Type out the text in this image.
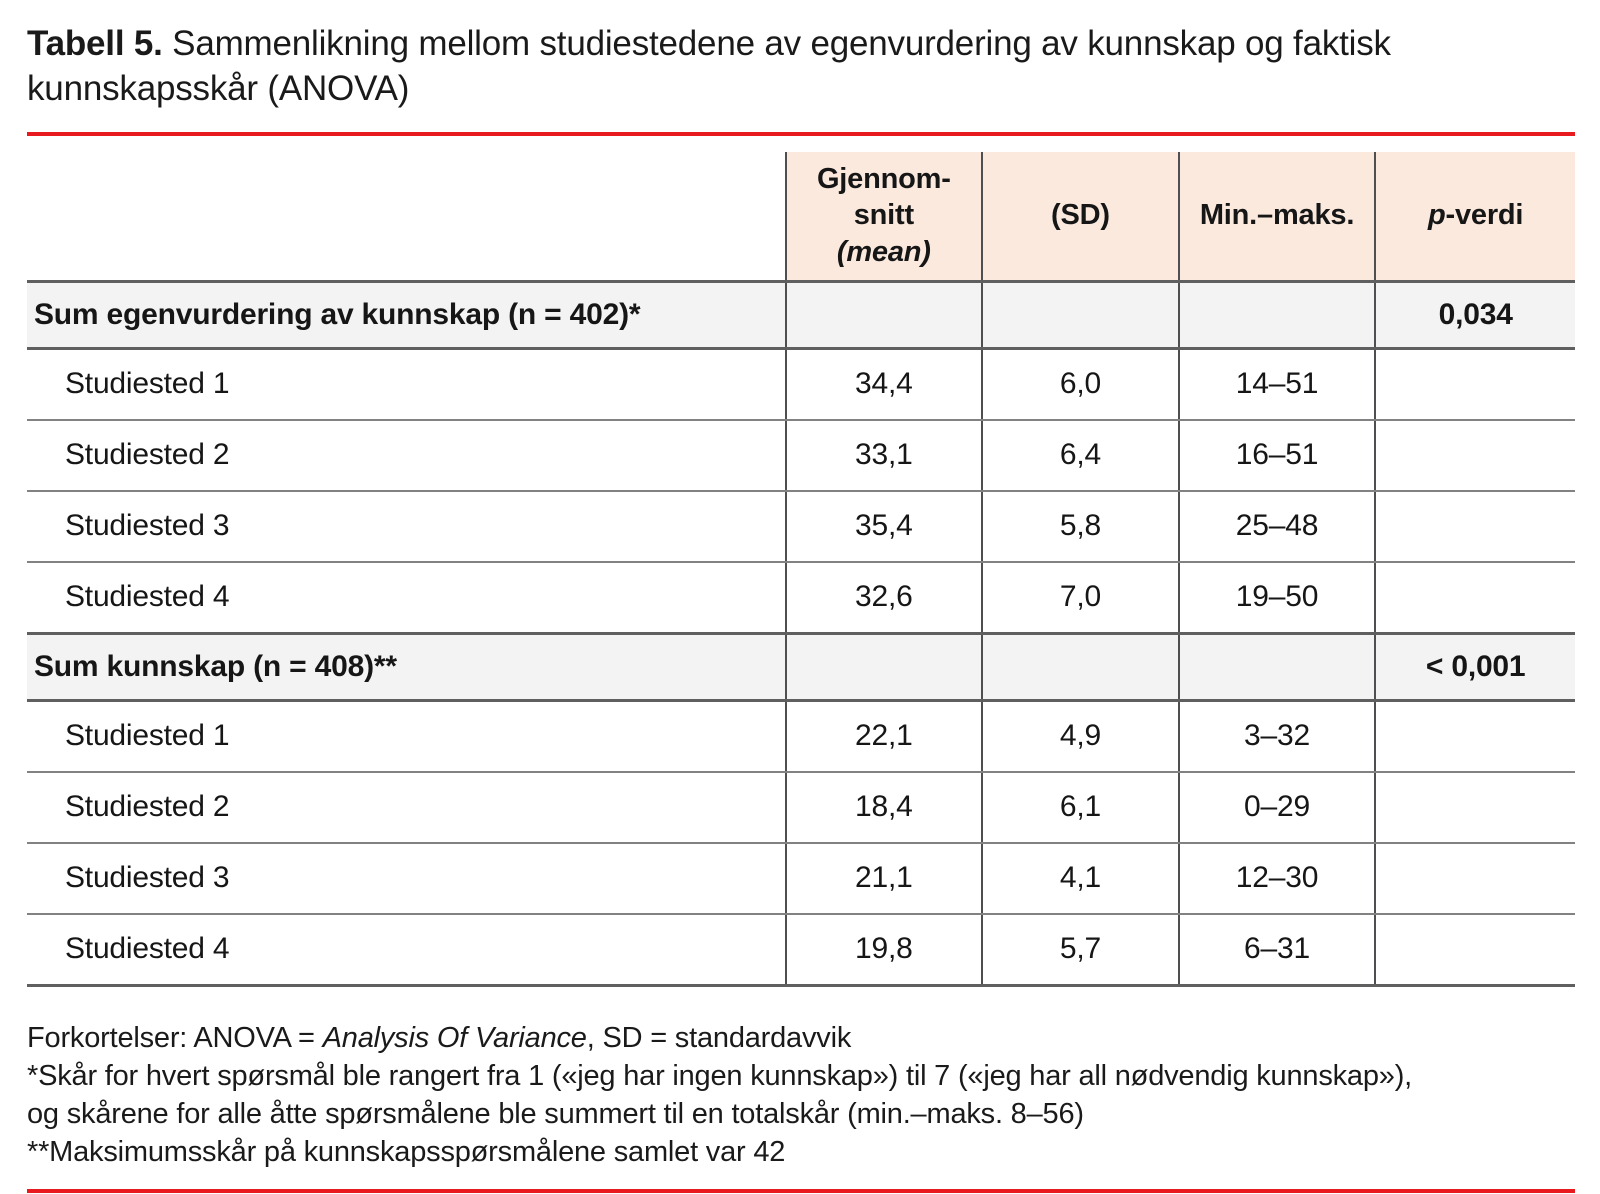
Tabell 5. Sammenlikning mellom studiestedene av egenvurdering av kunnskap og faktisk kunnskapsskår (ANOVA)

	Gjennom-
snitt
(mean)	(SD)	Min.–maks.	p-verdi
Sum egenvurdering av kunnskap (n = 402)*				0,034
Studiested 1	34,4	6,0	14–51	
Studiested 2	33,1	6,4	16–51	
Studiested 3	35,4	5,8	25–48	
Studiested 4	32,6	7,0	19–50	
Sum kunnskap (n = 408)**				< 0,001
Studiested 1	22,1	4,9	3–32	
Studiested 2	18,4	6,1	0–29	
Studiested 3	21,1	4,1	12–30	
Studiested 4	19,8	5,7	6–31	
Forkortelser: ANOVA = Analysis Of Variance, SD = standardavvik
*Skår for hvert spørsmål ble rangert fra 1 («jeg har ingen kunnskap») til 7 («jeg har all nødvendig kunnskap»), og skårene for alle åtte spørsmålene ble summert til en totalskår (min.–maks. 8–56)
**Maksimumsskår på kunnskapsspørsmålene samlet var 42
